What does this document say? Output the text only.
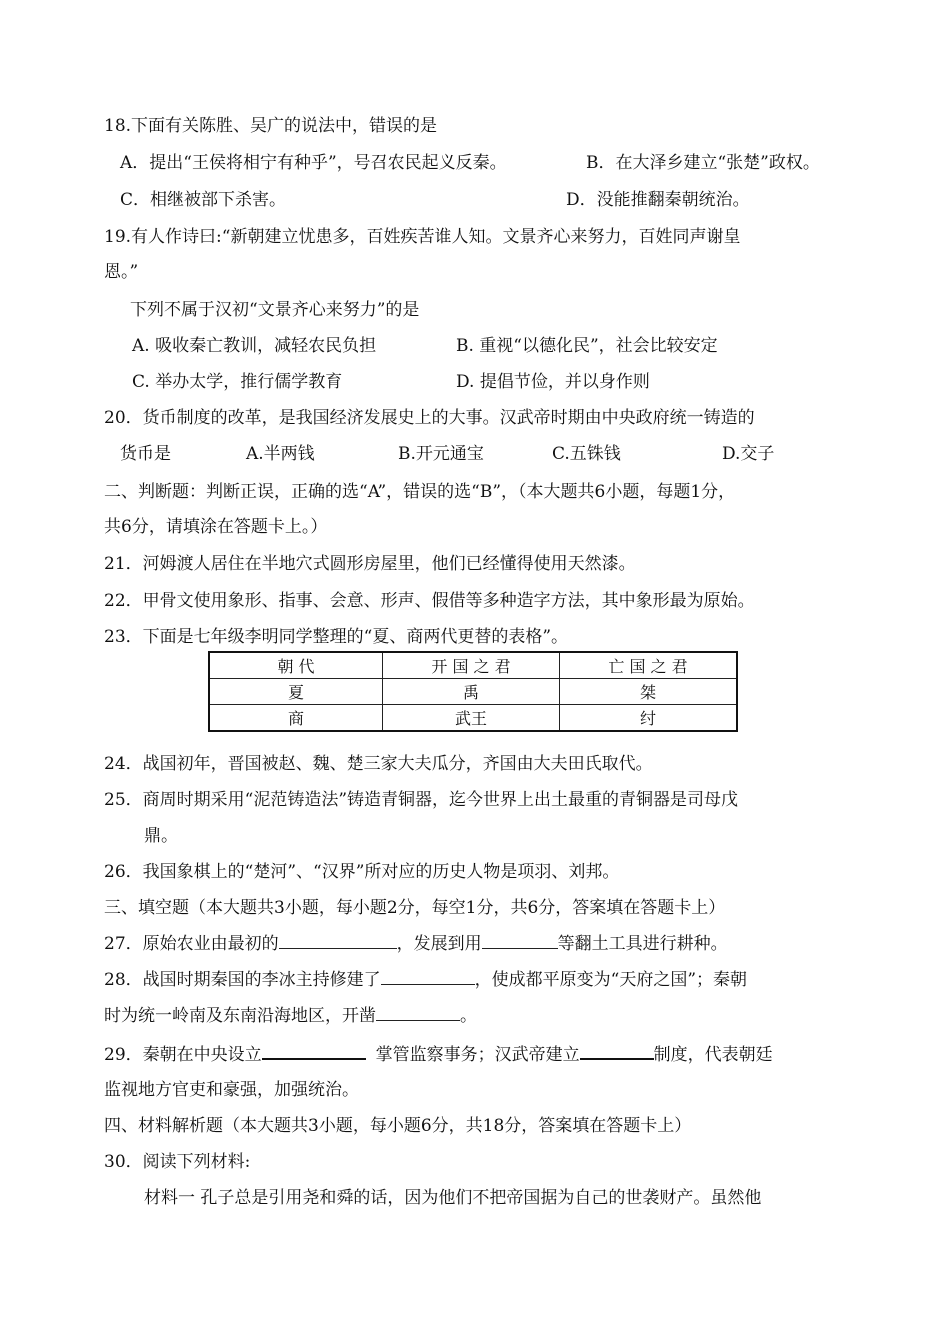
18.下面有关陈胜、吴广的说法中，错误的是
A．提出“王侯将相宁有种乎”，号召农民起义反秦。	B．在大泽乡建立“张楚”政权。
C．相继被部下杀害。	D．没能推翻秦朝统治。
19.有人作诗曰:“新朝建立忧患多，百姓疾苦谁人知。文景齐心来努力，百姓同声谢皇
恩。”
下列不属于汉初“文景齐心来努力”的是
A. 吸收秦亡教训，减轻农民负担	B. 重视“以德化民”，社会比较安定
C. 举办太学，推行儒学教育	D. 提倡节俭，并以身作则
20．货币制度的改革，是我国经济发展史上的大事。汉武帝时期由中央政府统一铸造的
货币是	A.半两钱	B.开元通宝	C.五铢钱	D.交子
二、判断题：判断正误，正确的选“A”，错误的选“B”，（本大题共6小题，每题1分，
共6分，请填涂在答题卡上。）
21．河姆渡人居住在半地穴式圆形房屋里，他们已经懂得使用天然漆。
22．甲骨文使用象形、指事、会意、形声、假借等多种造字方法，其中象形最为原始。
23．下面是七年级李明同学整理的“夏、商两代更替的表格”。
朝 代	开 国 之 君	亡 国 之 君
夏	禹	桀
商	武王	纣
24．战国初年，晋国被赵、魏、楚三家大夫瓜分，齐国由大夫田氏取代。
25．商周时期采用“泥范铸造法”铸造青铜器，迄今世界上出土最重的青铜器是司母戊
鼎。
26．我国象棋上的“楚河”、“汉界”所对应的历史人物是项羽、刘邦。
三、填空题（本大题共3小题，每小题2分，每空1分，共6分，答案填在答题卡上）
27．原始农业由最初的	，发展到用	等翻土工具进行耕种。
28．战国时期秦国的李冰主持修建了	，使成都平原变为“天府之国”；秦朝
时为统一岭南及东南沿海地区，开凿	。
29．秦朝在中央设立	掌管监察事务；汉武帝建立	制度，代表朝廷
监视地方官吏和豪强，加强统治。
四、材料解析题（本大题共3小题，每小题6分，共18分，答案填在答题卡上）
30．阅读下列材料:
材料一 孔子总是引用尧和舜的话，因为他们不把帝国据为自己的世袭财产。虽然他
